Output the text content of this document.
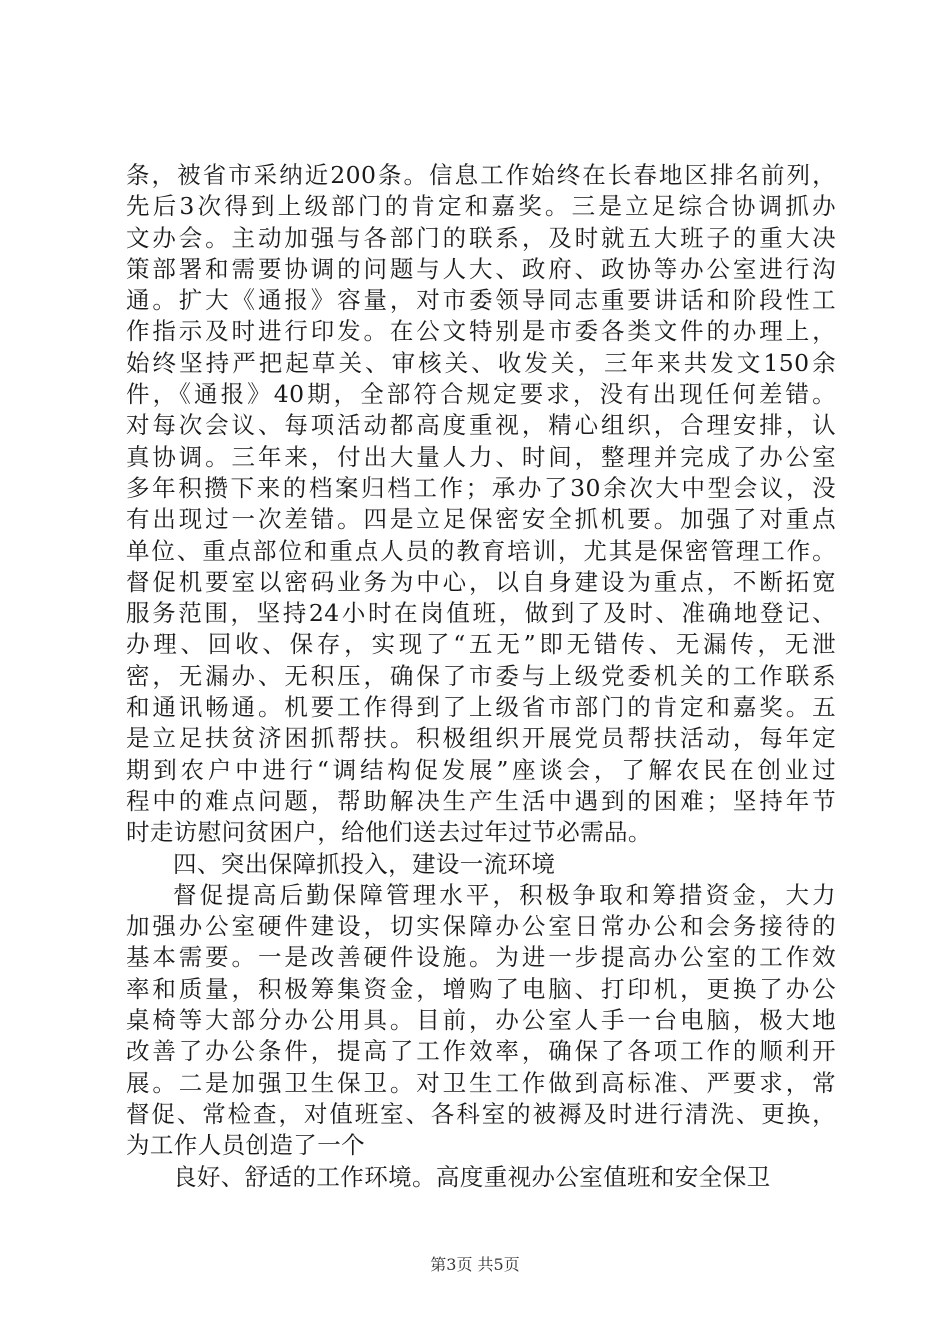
条，被省市采纳近200条。信息工作始终在长春地区排名前列，
先后3次得到上级部门的肯定和嘉奖。三是立足综合协调抓办
文办会。主动加强与各部门的联系，及时就五大班子的重大决
策部署和需要协调的问题与人大、政府、政协等办公室进行沟
通。扩大《通报》容量，对市委领导同志重要讲话和阶段性工
作指示及时进行印发。在公文特别是市委各类文件的办理上，
始终坚持严把起草关、审核关、收发关，三年来共发文150余
件，《通报》40期，全部符合规定要求，没有出现任何差错。
对每次会议、每项活动都高度重视，精心组织，合理安排，认
真协调。三年来，付出大量人力、时间，整理并完成了办公室
多年积攒下来的档案归档工作；承办了30余次大中型会议，没
有出现过一次差错。四是立足保密安全抓机要。加强了对重点
单位、重点部位和重点人员的教育培训，尤其是保密管理工作。
督促机要室以密码业务为中心，以自身建设为重点，不断拓宽
服务范围，坚持24小时在岗值班，做到了及时、准确地登记、
办理、回收、保存，实现了“五无”即无错传、无漏传，无泄
密，无漏办、无积压，确保了市委与上级党委机关的工作联系
和通讯畅通。机要工作得到了上级省市部门的肯定和嘉奖。五
是立足扶贫济困抓帮扶。积极组织开展党员帮扶活动，每年定
期到农户中进行“调结构促发展”座谈会，了解农民在创业过
程中的难点问题，帮助解决生产生活中遇到的困难；坚持年节
时走访慰问贫困户，给他们送去过年过节必需品。
四、突出保障抓投入，建设一流环境
督促提高后勤保障管理水平，积极争取和筹措资金，大力
加强办公室硬件建设，切实保障办公室日常办公和会务接待的
基本需要。一是改善硬件设施。为进一步提高办公室的工作效
率和质量，积极筹集资金，增购了电脑、打印机，更换了办公
桌椅等大部分办公用具。目前，办公室人手一台电脑，极大地
改善了办公条件，提高了工作效率，确保了各项工作的顺利开
展。二是加强卫生保卫。对卫生工作做到高标准、严要求，常
督促、常检查，对值班室、各科室的被褥及时进行清洗、更换，
为工作人员创造了一个
良好、舒适的工作环境。高度重视办公室值班和安全保卫
第3页 共5页
